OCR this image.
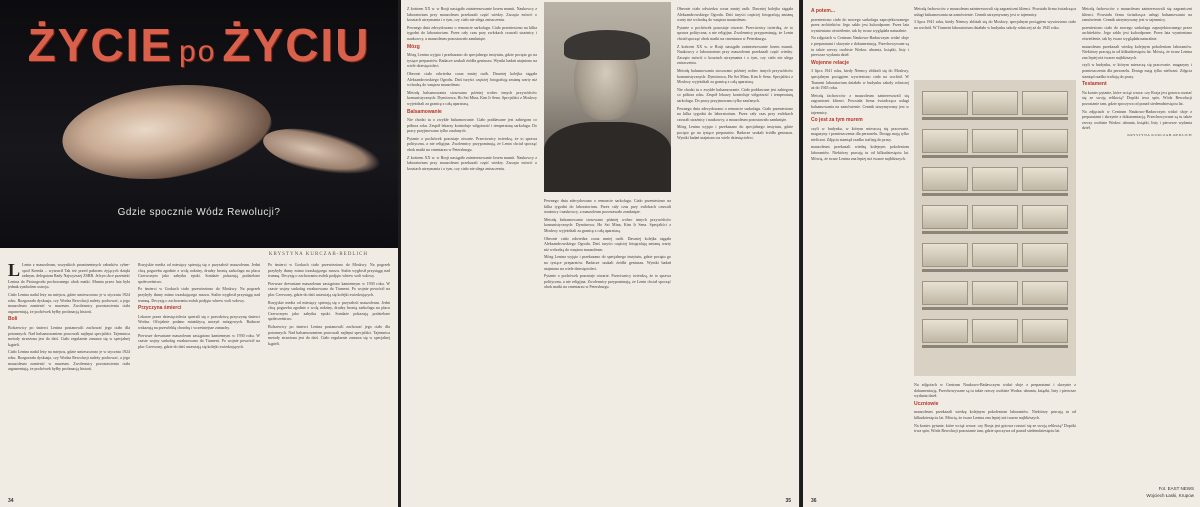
ŻYCIE po ŻYCIU
Gdzie spocznie Wódz Rewolucji?
KRYSTYNA KURCZAB-REDLICH

L Lenin z mauzoleum, wszystkich prominentnych członków cyber-spod Kremla – wyrzucił Tak też przed pałacem żyjących dzięki radnym, delegatom Rady Najwyższej ZSRR. Jelcyn chce przenieść Lenina do Piotrogrodu pochowanego obok matki. Mumia przez lata była jednak symbolem ustroju.

Ciało Lenina nadal leży na miejscu, gdzie umieszczono je w styczniu 1924 roku. Rozgorzała dyskusja, czy Wodza Rewolucji należy pochować, a jego mauzoleum zamienić w muzeum. Zwolennicy pozostawienia ciała argumentują, że pochówek byłby profanacją historii.

Boli

Bolszewicy po śmierci Lenina postanowili zachować jego ciało dla potomnych. Nad balsamowaniem pracowali najlepsi specjaliści. Tajemnica metody strzeżona jest do dziś. Ciało regularnie zanurza się w specjalnej kąpieli.

Ciało Lenina nadal leży na miejscu, gdzie umieszczono je w styczniu 1924 roku. Rozgorzała dyskusja, czy Wodza Rewolucji należy pochować, a jego mauzoleum zamienić w muzeum. Zwolennicy pozostawienia ciała argumentują, że pochówek byłby profanacją historii.

Rosyjskie media od miesięcy spierają się o przyszłość mauzoleum. Jedni chcą pogrzebu zgodnie z wolą rodziny, drudzy bronią sarkofagu na placu Czerwonym jako zabytku epoki. Sondaże pokazują podzielone społeczeństwo.

Po śmierci w Gorkach ciało przewieziono do Moskwy. Na pogrzeb przybyły tłumy mimo trzaskającego mrozu. Stalin wygłosił przysięgę nad trumną. Decyzję o zachowaniu zwłok podjęto wbrew woli wdowy.

Przyczyna śmierci

Lekarze przez dziesięciolecia spierali się o prawdziwą przyczynę śmierci Wodza. Oficjalnie podano miażdżycę naczyń mózgowych. Badacze wskazują na przewlekłą chorobę i wcześniejsze zamachy.

Pierwsze drewniane mauzoleum zastąpiono kamiennym w 1930 roku. W czasie wojny sarkofag ewakuowano do Tiumeni. Po wojnie powrócił na plac Czerwony, gdzie do dziś ustawiają się kolejki zwiedzających.

Po śmierci w Gorkach ciało przewieziono do Moskwy. Na pogrzeb przybyły tłumy mimo trzaskającego mrozu. Stalin wygłosił przysięgę nad trumną. Decyzję o zachowaniu zwłok podjęto wbrew woli wdowy.

Pierwsze drewniane mauzoleum zastąpiono kamiennym w 1930 roku. W czasie wojny sarkofag ewakuowano do Tiumeni. Po wojnie powrócił na plac Czerwony, gdzie do dziś ustawiają się kolejki zwiedzających.

Rosyjskie media od miesięcy spierają się o przyszłość mauzoleum. Jedni chcą pogrzebu zgodnie z wolą rodziny, drudzy bronią sarkofagu na placu Czerwonym jako zabytku epoki. Sondaże pokazują podzielone społeczeństwo.

Bolszewicy po śmierci Lenina postanowili zachować jego ciało dla potomnych. Nad balsamowaniem pracowali najlepsi specjaliści. Tajemnica metody strzeżona jest do dziś. Ciało regularnie zanurza się w specjalnej kąpieli.

34

Z końcem XX w. w Rosji nastąpiło zainteresowanie losem mumii. Naukowcy z laboratorium przy mauzoleum przekazali część wiedzy. Zaczęto mówić o kosztach utrzymania i o tym, czy ciało nie ulega zniszczeniu.

Pewnego dnia zdecydowano o remoncie sarkofagu. Ciało przeniesiono na kilka tygodni do laboratorium. Przez cały czas przy zwłokach czuwali strażnicy i naukowcy, a mauzoleum pozostawało zamknięte.

Mózg

Mózg Lenina wyjęto i przekazano do specjalnego instytutu, gdzie pocięto go na tysiące preparatów. Badacze szukali źródła geniuszu. Wyniki badań utajniono na wiele dziesięcioleci.

Obecnie ciało odwiedza coraz mniej osób. Dawniej kolejka sięgała Aleksandrowskiego Ogrodu. Dziś turyści częściej fotografują zmianę warty niż wchodzą do wnętrza mauzoleum.

Metodę balsamowania stosowano później wobec innych przywódców komunistycznych: Dymitrowa, Ho Szi Mina, Kim Ir Sena. Specjaliści z Moskwy wyjeżdżali za granicę z całą aparaturą.

Balsamowanie

Nie chodzi tu o zwykłe balsamowanie. Ciało poddawane jest zabiegom co półtora roku. Zespół lekarzy kontroluje wilgotność i temperaturę sarkofagu. Do pracy przyjmowano tylko zaufanych.

Pytanie o pochówek pozostaje otwarte. Przeciwnicy twierdzą, że to sprawa polityczna, a nie religijna. Zwolennicy przypominają, że Lenin chciał spocząć obok matki na cmentarzu w Petersburgu.

Z końcem XX w. w Rosji nastąpiło zainteresowanie losem mumii. Naukowcy z laboratorium przy mauzoleum przekazali część wiedzy. Zaczęto mówić o kosztach utrzymania i o tym, czy ciało nie ulega zniszczeniu.

Pewnego dnia zdecydowano o remoncie sarkofagu. Ciało przeniesiono na kilka tygodni do laboratorium. Przez cały czas przy zwłokach czuwali strażnicy i naukowcy, a mauzoleum pozostawało zamknięte.

Metodę balsamowania stosowano później wobec innych przywódców komunistycznych: Dymitrowa, Ho Szi Mina, Kim Ir Sena. Specjaliści z Moskwy wyjeżdżali za granicę z całą aparaturą.

Obecnie ciało odwiedza coraz mniej osób. Dawniej kolejka sięgała Aleksandrowskiego Ogrodu. Dziś turyści częściej fotografują zmianę warty niż wchodzą do wnętrza mauzoleum.

Mózg Lenina wyjęto i przekazano do specjalnego instytutu, gdzie pocięto go na tysiące preparatów. Badacze szukali źródła geniuszu. Wyniki badań utajniono na wiele dziesięcioleci.

Pytanie o pochówek pozostaje otwarte. Przeciwnicy twierdzą, że to sprawa polityczna, a nie religijna. Zwolennicy przypominają, że Lenin chciał spocząć obok matki na cmentarzu w Petersburgu.

Obecnie ciało odwiedza coraz mniej osób. Dawniej kolejka sięgała Aleksandrowskiego Ogrodu. Dziś turyści częściej fotografują zmianę warty niż wchodzą do wnętrza mauzoleum.

Pytanie o pochówek pozostaje otwarte. Przeciwnicy twierdzą, że to sprawa polityczna, a nie religijna. Zwolennicy przypominają, że Lenin chciał spocząć obok matki na cmentarzu w Petersburgu.

Z końcem XX w. w Rosji nastąpiło zainteresowanie losem mumii. Naukowcy z laboratorium przy mauzoleum przekazali część wiedzy. Zaczęto mówić o kosztach utrzymania i o tym, czy ciało nie ulega zniszczeniu.

Metodę balsamowania stosowano później wobec innych przywódców komunistycznych: Dymitrowa, Ho Szi Mina, Kim Ir Sena. Specjaliści z Moskwy wyjeżdżali za granicę z całą aparaturą.

Nie chodzi tu o zwykłe balsamowanie. Ciało poddawane jest zabiegom co półtora roku. Zespół lekarzy kontroluje wilgotność i temperaturę sarkofagu. Do pracy przyjmowano tylko zaufanych.

Pewnego dnia zdecydowano o remoncie sarkofagu. Ciało przeniesiono na kilka tygodni do laboratorium. Przez cały czas przy zwłokach czuwali strażnicy i naukowcy, a mauzoleum pozostawało zamknięte.

Mózg Lenina wyjęto i przekazano do specjalnego instytutu, gdzie pocięto go na tysiące preparatów. Badacze szukali źródła geniuszu. Wyniki badań utajniono na wiele dziesięcioleci.

35
A potem...

przeniesiono ciało do nowego sarkofagu zaprojektowanego przez architektów. Jego szkło jest kuloodporne. Przez lata wymieniano oświetlenie, tak by twarz wyglądała naturalnie.

Na zdjęciach w Centrum Naukowo-Badawczym widać słoje z preparatami i skrzynie z dokumentacją. Przechowywane są tu także rzeczy osobiste Wodza: ubrania, książki, listy i pierwsze wydania dzieł.

Wojenne relacje

3 lipca 1941 roku, kiedy Niemcy zbliżali się do Moskwy, specjalnym pociągiem wywieziono ciało na wschód. W Tiumeni laboratorium działało w budynku szkoły rolniczej aż do 1945 roku.

Metodą fachowców z mauzoleum zainteresowali się zagraniczni klienci. Powstała firma świadcząca usługi balsamowania na zamówienie. Cennik utrzymywany jest w tajemnicy.

Co jest za tym murem

czyli w budynku, w którym mieszczą się pracownie, magazyny i pomieszczenia dla personelu. Dostęp mają tylko nieliczni. Zdjęcia stamtąd rzadko trafiają do prasy.

mauzoleum przekazali wiedzę kolejnym pokoleniom laborantów. Niektórzy pracują tu od kilkudziesięciu lat. Mówią, że twarz Lenina zna lepiej niż twarze najbliższych.

Metodą fachowców z mauzoleum zainteresowali się zagraniczni klienci. Powstała firma świadcząca usługi balsamowania na zamówienie. Cennik utrzymywany jest w tajemnicy.

3 lipca 1941 roku, kiedy Niemcy zbliżali się do Moskwy, specjalnym pociągiem wywieziono ciało na wschód. W Tiumeni laboratorium działało w budynku szkoły rolniczej aż do 1945 roku.

Na zdjęciach w Centrum Naukowo-Badawczym widać słoje z preparatami i skrzynie z dokumentacją. Przechowywane są tu także rzeczy osobiste Wodza: ubrania, książki, listy i pierwsze wydania dzieł.

Uczniowie

mauzoleum przekazali wiedzę kolejnym pokoleniom laborantów. Niektórzy pracują tu od kilkudziesięciu lat. Mówią, że twarz Lenina zna lepiej niż twarze najbliższych.

Na koniec pytanie, które wciąż wraca: czy Rosja jest gotowa rozstać się ze swoją relikwią? Dopóki trwa spór, Wódz Rewolucji pozostanie tam, gdzie spoczywa od ponad siedemdziesięciu lat.

Metodą fachowców z mauzoleum zainteresowali się zagraniczni klienci. Powstała firma świadcząca usługi balsamowania na zamówienie. Cennik utrzymywany jest w tajemnicy.

przeniesiono ciało do nowego sarkofagu zaprojektowanego przez architektów. Jego szkło jest kuloodporne. Przez lata wymieniano oświetlenie, tak by twarz wyglądała naturalnie.

mauzoleum przekazali wiedzę kolejnym pokoleniom laborantów. Niektórzy pracują tu od kilkudziesięciu lat. Mówią, że twarz Lenina zna lepiej niż twarze najbliższych.

czyli w budynku, w którym mieszczą się pracownie, magazyny i pomieszczenia dla personelu. Dostęp mają tylko nieliczni. Zdjęcia stamtąd rzadko trafiają do prasy.

Testament

Na koniec pytanie, które wciąż wraca: czy Rosja jest gotowa rozstać się ze swoją relikwią? Dopóki trwa spór, Wódz Rewolucji pozostanie tam, gdzie spoczywa od ponad siedemdziesięciu lat.

Na zdjęciach w Centrum Naukowo-Badawczym widać słoje z preparatami i skrzynie z dokumentacją. Przechowywane są tu także rzeczy osobiste Wodza: ubrania, książki, listy i pierwsze wydania dzieł.

KRYSTYNA KURCZAB-REDLICH

Fot. EAST NEWS
Wojciech Łaski, Krupow
36
